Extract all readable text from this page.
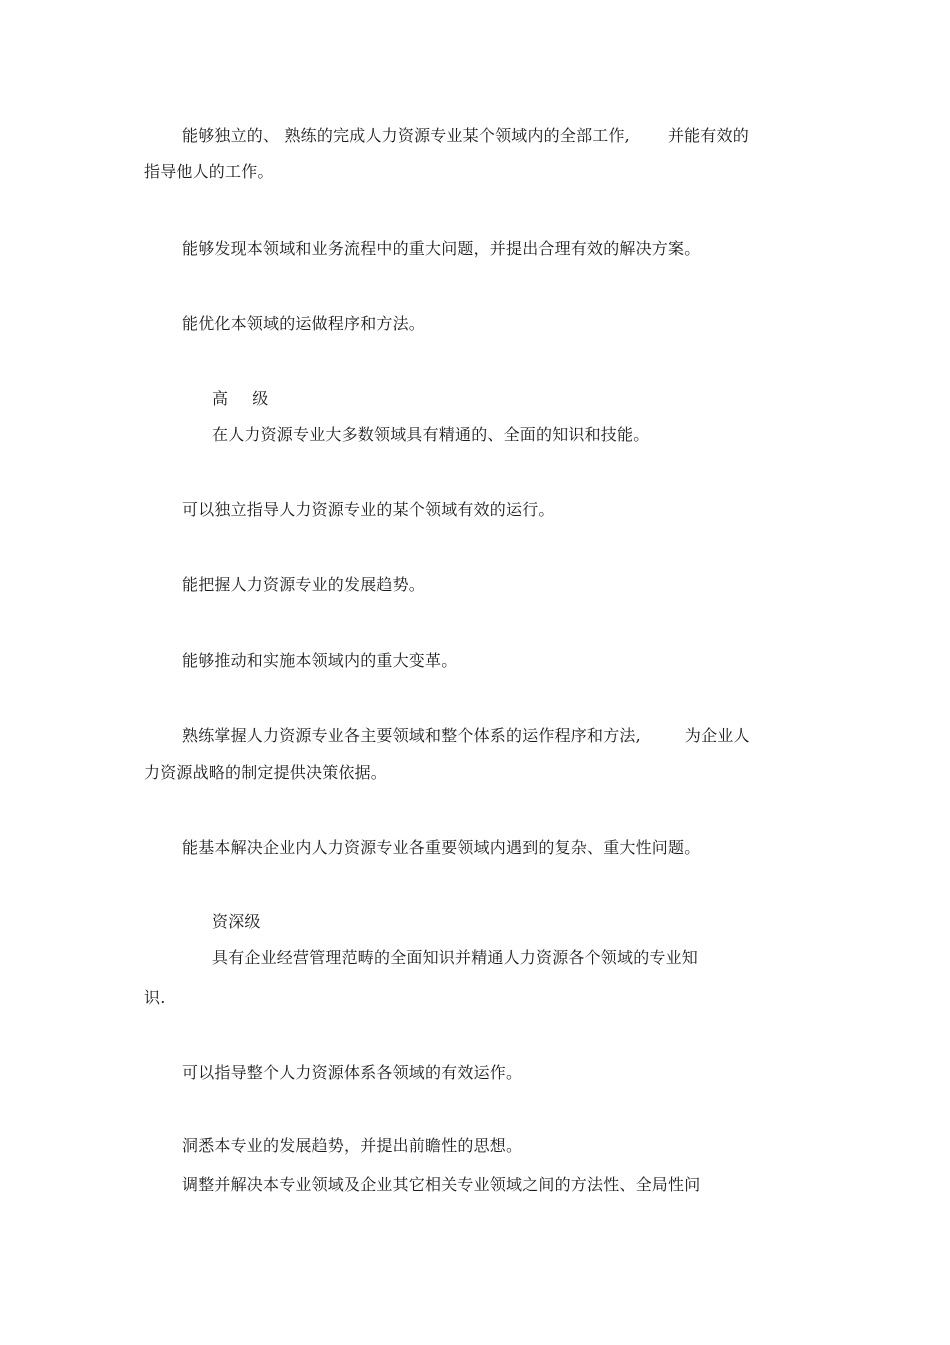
能够独立的、 熟练的完成人力资源专业某个领域内的全部工作, 并能有效的
指导他人的工作。
能够发现本领域和业务流程中的重大问题，并提出合理有效的解决方案。
能优化本领域的运做程序和方法。
高 级
在人力资源专业大多数领域具有精通的、全面的知识和技能。
可以独立指导人力资源专业的某个领域有效的运行。
能把握人力资源专业的发展趋势。
能够推动和实施本领域内的重大变革。
熟练掌握人力资源专业各主要领域和整个体系的运作程序和方法,	为企业人
力资源战略的制定提供决策依据。
能基本解决企业内人力资源专业各重要领域内遇到的复杂、重大性问题。
资深级
具有企业经营管理范畴的全面知识并精通人力资源各个领域的专业知
识.
可以指导整个人力资源体系各领域的有效运作。
洞悉本专业的发展趋势，并提出前瞻性的思想。
调整并解决本专业领域及企业其它相关专业领域之间的方法性、全局性问
